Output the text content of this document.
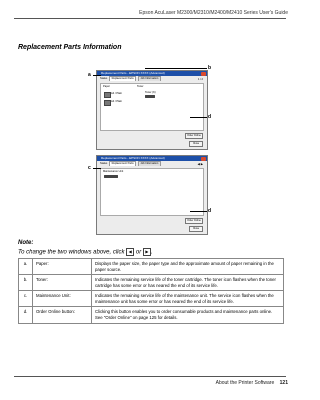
Epson AcuLaser M2300/M2310/M2400/M2410 Series User's Guide
Replacement Parts Information
Replacement Parts - EPSON XXXX (Advanced)
Status Replacement Parts	Job Information	1 / 2
Paper
A4 / Plain
A4 / Plain
Toner
Toner (K)
Order Online
Close
Replacement Parts - EPSON XXXX (Advanced)
Status Replacement Parts	Job Information	◀ ▶
Maintenance Unit
Order Online
Close
a
b
d
c
d
Note:
To change the two windows above, click ◀ or ▶ .
a.	Paper:	Displays the paper size, the paper type and the approximate amount of paper remaining in the paper source.
b.	Toner:	Indicates the remaining service life of the toner cartridge. The toner icon flashes when the toner cartridge has some error or has neared the end of its service life.
c.	Maintenance Unit:	Indicates the remaining service life of the maintenance unit. The service icon flashes when the maintenance unit has some error or has neared the end of its service life.
d.	Order Online button:	Clicking this button enables you to order consumable products and maintenance parts online. See "Order Online" on page 125 for details.
About the Printer Software 121
